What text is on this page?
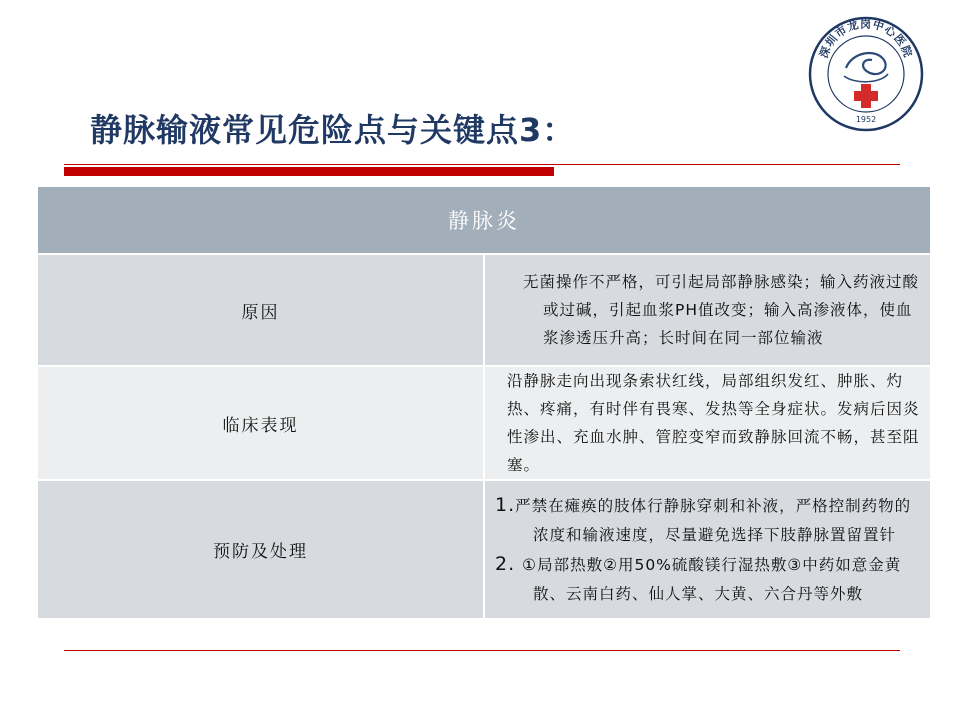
深圳市龙岗中心医院
1952
静脉输液常见危险点与关键点3：
静脉炎	
原因	无菌操作不严格，可引起局部静脉感染；输入药液过酸或过碱，引起血浆PH值改变；输入高渗液体，使血浆渗透压升高；长时间在同一部位输液

临床表现	沿静脉走向出现条索状红线，局部组织发红、肿胀、灼热、疼痛，有时伴有畏寒、发热等全身症状。发病后因炎性渗出、充血水肿、管腔变窄而致静脉回流不畅，甚至阻塞。

预防及处理	1.严禁在瘫痪的肢体行静脉穿刺和补液，严格控制药物的浓度和输液速度，尽量避免选择下肢静脉置留置针
2. ①局部热敷②用50%硫酸镁行湿热敷③中药如意金黄散、云南白药、仙人掌、大黄、六合丹等外敷
